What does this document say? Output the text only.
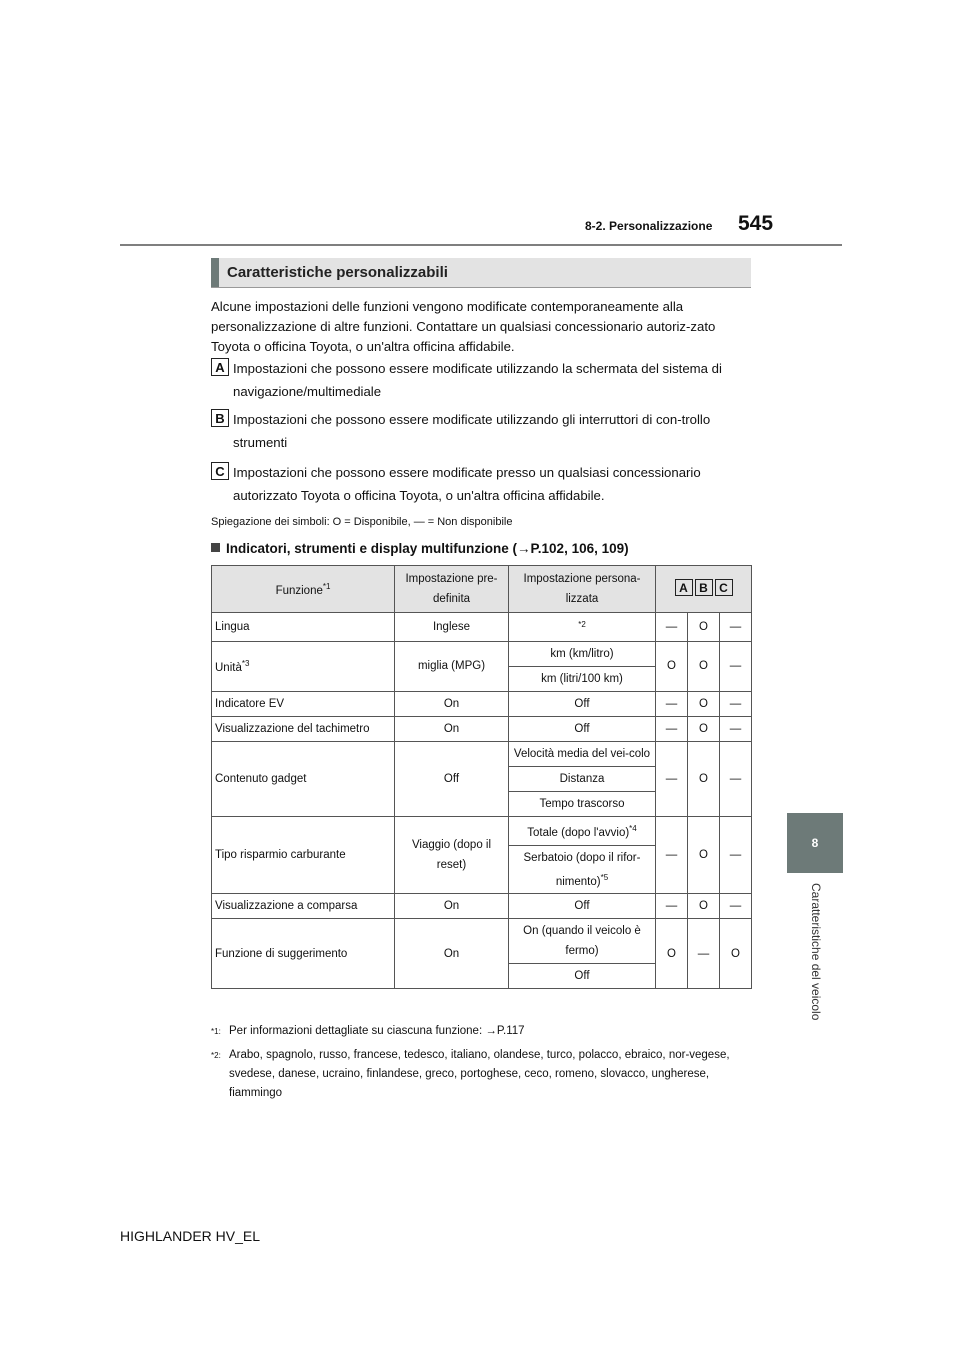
545
8-2. Personalizzazione
8
Caratteristiche del veicolo
Caratteristiche personalizzabili
Alcune impostazioni delle funzioni vengono modificate contemporaneamente alla personalizzazione di altre funzioni. Contattare un qualsiasi concessionario autoriz-zato Toyota o officina Toyota, o un'altra officina affidabile.
A Impostazioni che possono essere modificate utilizzando la schermata del sistema di navigazione/multimediale
B Impostazioni che possono essere modificate utilizzando gli interruttori di con-trollo strumenti
C Impostazioni che possono essere modificate presso un qualsiasi concessionario autorizzato Toyota o officina Toyota, o un'altra officina affidabile.
Spiegazione dei simboli: O = Disponibile, — = Non disponibile
Indicatori, strumenti e display multifunzione (→P.102, 106, 109)
Funzione$^{*1}$	Impostazione pre-definita	Impostazione persona-lizzata	A B C		
Lingua	Inglese	$^{*2}$	—	O	—
Unità$^{*3}$	miglia (MPG)	km (km/litro)	O	O	—
		km (litri/100 km)			
Indicatore EV	On	Off	—	O	—
Visualizzazione del tachimetro	On	Off	—	O	—
Contenuto gadget	Off	Velocità media del vei-colo	—	O	—
		Distanza			
		Tempo trascorso			
Tipo risparmio carburante	Viaggio (dopo il reset)	Totale (dopo l'avvio)$^{*4}$	—	O	—
		Serbatoio (dopo il rifor-nimento)$^{*5}$
Visualizzazione a comparsa	On	Off	—	O	—
Funzione di suggerimento	On	On (quando il veicolo è fermo)	O	—	O
		Off			
*1: Per informazioni dettagliate su ciascuna funzione: →P.117
*2: Arabo, spagnolo, russo, francese, tedesco, italiano, olandese, turco, polacco, ebraico, nor-vegese, svedese, danese, ucraino, finlandese, greco, portoghese, ceco, romeno, slovacco, ungherese, fiammingo
HIGHLANDER HV_EL
